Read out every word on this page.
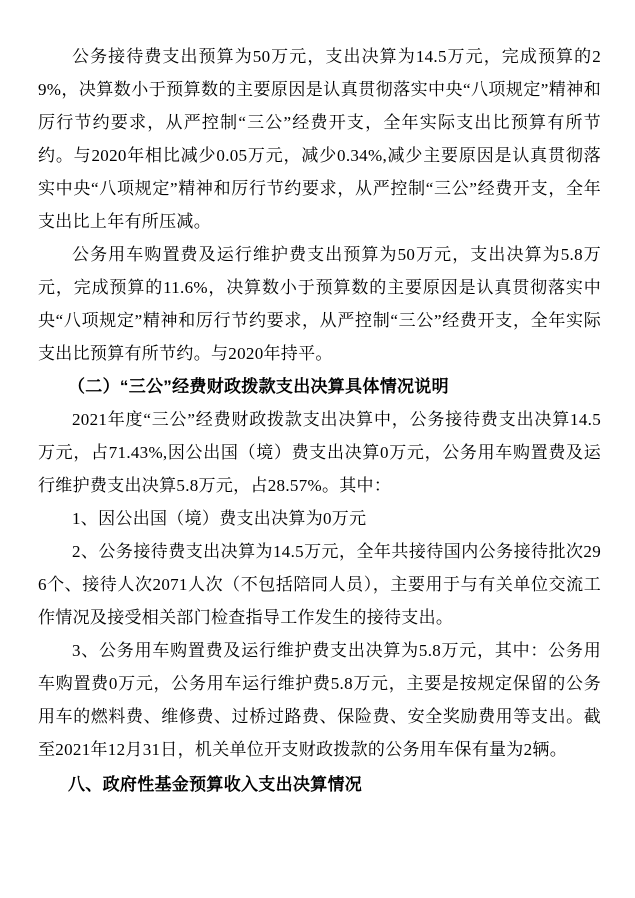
公务接待费支出预算为50万元，支出决算为14.5万元，完成预算的29%，决算数小于预算数的主要原因是认真贯彻落实中央“八项规定”精神和厉行节约要求，从严控制“三公”经费开支，全年实际支出比预算有所节约。与2020年相比减少0.05万元，减少0.34%,减少主要原因是认真贯彻落实中央“八项规定”精神和厉行节约要求，从严控制“三公”经费开支，全年支出比上年有所压减。

公务用车购置费及运行维护费支出预算为50万元，支出决算为5.8万元，完成预算的11.6%，决算数小于预算数的主要原因是认真贯彻落实中央“八项规定”精神和厉行节约要求，从严控制“三公”经费开支，全年实际支出比预算有所节约。与2020年持平。

（二）“三公”经费财政拨款支出决算具体情况说明

2021年度“三公”经费财政拨款支出决算中，公务接待费支出决算14.5万元，占71.43%,因公出国（境）费支出决算0万元，公务用车购置费及运行维护费支出决算5.8万元，占28.57%。其中：

1、因公出国（境）费支出决算为0万元

2、公务接待费支出决算为14.5万元，全年共接待国内公务接待批次296个、接待人次2071人次（不包括陪同人员），主要用于与有关单位交流工作情况及接受相关部门检查指导工作发生的接待支出。

3、公务用车购置费及运行维护费支出决算为5.8万元，其中：公务用车购置费0万元，公务用车运行维护费5.8万元，主要是按规定保留的公务用车的燃料费、维修费、过桥过路费、保险费、安全奖励费用等支出。截至2021年12月31日，机关单位开支财政拨款的公务用车保有量为2辆。

八、政府性基金预算收入支出决算情况
